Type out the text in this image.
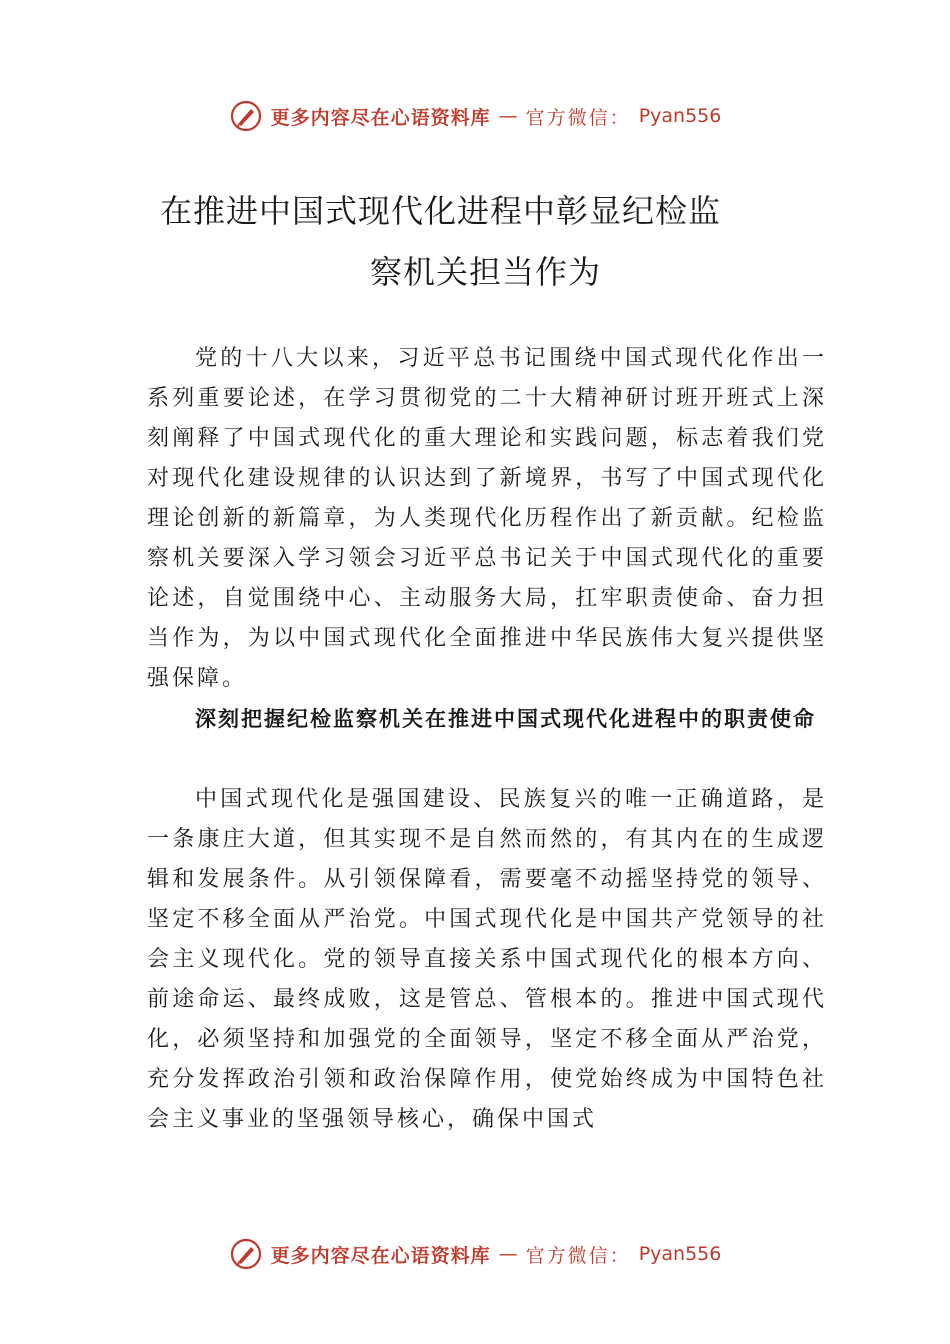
更多内容尽在心语资料库 — 官方微信： Pyan556
在推进中国式现代化进程中彰显纪检监
察机关担当作为
党的十八大以来，习近平总书记围绕中国式现代化作出一系列重要论述，在学习贯彻党的二十大精神研讨班开班式上深刻阐释了中国式现代化的重大理论和实践问题，标志着我们党对现代化建设规律的认识达到了新境界，书写了中国式现代化理论创新的新篇章，为人类现代化历程作出了新贡献。纪检监察机关要深入学习领会习近平总书记关于中国式现代化的重要论述，自觉围绕中心、主动服务大局，扛牢职责使命、奋力担当作为，为以中国式现代化全面推进中华民族伟大复兴提供坚强保障。
深刻把握纪检监察机关在推进中国式现代化进程中的职责使命
中国式现代化是强国建设、民族复兴的唯一正确道路，是一条康庄大道，但其实现不是自然而然的，有其内在的生成逻辑和发展条件。从引领保障看，需要毫不动摇坚持党的领导、坚定不移全面从严治党。中国式现代化是中国共产党领导的社会主义现代化。党的领导直接关系中国式现代化的根本方向、前途命运、最终成败，这是管总、管根本的。推进中国式现代化，必须坚持和加强党的全面领导，坚定不移全面从严治党，充分发挥政治引领和政治保障作用，使党始终成为中国特色社会主义事业的坚强领导核心，确保中国式
更多内容尽在心语资料库 — 官方微信： Pyan556
